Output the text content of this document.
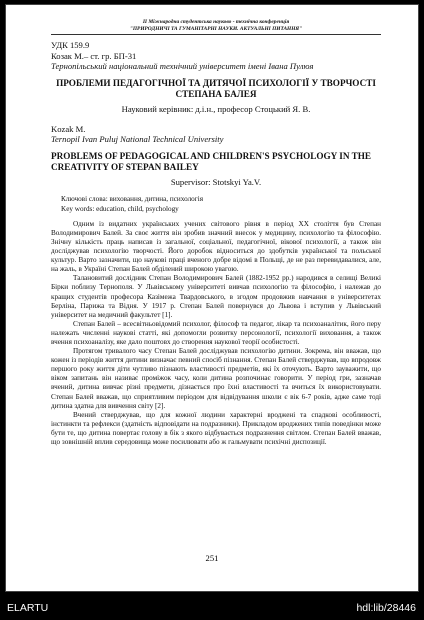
ІІ Міжнародна студентська науково - технічна конференція
"ПРИРОДНИЧІ ТА ГУМАНІТАРНІ НАУКИ. АКТУАЛЬНІ ПИТАННЯ"
УДК 159.9
Козак М.– ст. гр. БП-31
Тернопільський національний технічний університет імені Івана Пулюя
ПРОБЛЕМИ ПЕДАГОГІЧНОЇ ТА ДИТЯЧОЇ ПСИХОЛОГІЇ У ТВОРЧОСТІ СТЕПАНА БАЛЕЯ
Науковий керівник: д.і.н., професор Стоцький Я. В.
Kozak M.
Ternopil Ivan Puluj National Technical University
PROBLEMS OF PEDAGOGICAL AND CHILDREN'S PSYCHOLOGY IN THE CREATIVITY OF STEPAN BAILEY
Supervisor: Stotskyi Ya.V.
Ключові слова: виховання, дитина, психологія
Key words: education, child, psychology

Одним із видатних українських учених світового рівня в період XX століття був Степан Володимирович Балей. За своє життя він зробив значний внесок у медицину, психологію та філософію. Знічну кількість праць написав із загальної, соціальної, педагогічної, вікової психології, а також він досліджував психологію творчості. Його доробок відноситься до здобутків української та польської культур. Варто зазначити, що наукові праці вченого добре відомі в Польщі, де не раз перевидавалися, але, на жаль, в Україні Степан Балей обділений широкою увагою.

Талановитий дослідник Степан Володимирович Балей (1882-1952 рр.) народився в селищі Великі Бірки поблизу Тернополя. У Львівському університеті вивчав психологію та філософію, і належав до кращих студентів професора Казімежа Твардовського, в згодом продовжив навчання в університетах Берліна, Парижа та Відня. У 1917 р. Степан Балей повернувся до Львова і вступив у Львівський університет на медичний факультет [1].

Степан Балей – всесвітньовідомий психолог, філософ та педагог, лікар та психоаналітик, його перу належать численні наукові статті, які допомогли розвитку персонології, психології виховання, а також вчення психоаналізу, яке дало поштовх до створення наукової теорії особистості.

Протягом тривалого часу Степан Балей досліджував психологію дитини. Зокрема, він вважав, що кожен із періодів життя дитини визначає певний спосіб пізнання. Степан Балей стверджував, що впродовж першого року життя діти чутливо пізнають властивості предметів, які їх оточують. Варто зауважити, що віком запитань він називає проміжок часу, коли дитина розпочинає говорити. У період гри, зазначав вчений, дитина вивчає різні предмети, дізнається про їхні властивості та вчиться їх використовувати. Степан Балей вважав, що сприятливим періодом для відвідування школи є вік 6-7 років, адже саме тоді дитина здатна для вивчення світу [2].

Вчений стверджував, що для кожної людини характерні вроджені та спадкові особливості, інстинкти та рефлекси (здатність відповідати на подразники). Прикладом вроджених типів поведінки може бути те, що дитина повертає голову в бік з якого відбувається подразнення світлом. Степан Балей вважав, що зовнішній вплив середовища може посилювати або ж гальмувати психічні диспозиції.

251
ELARTU	hdl:lib/28446
